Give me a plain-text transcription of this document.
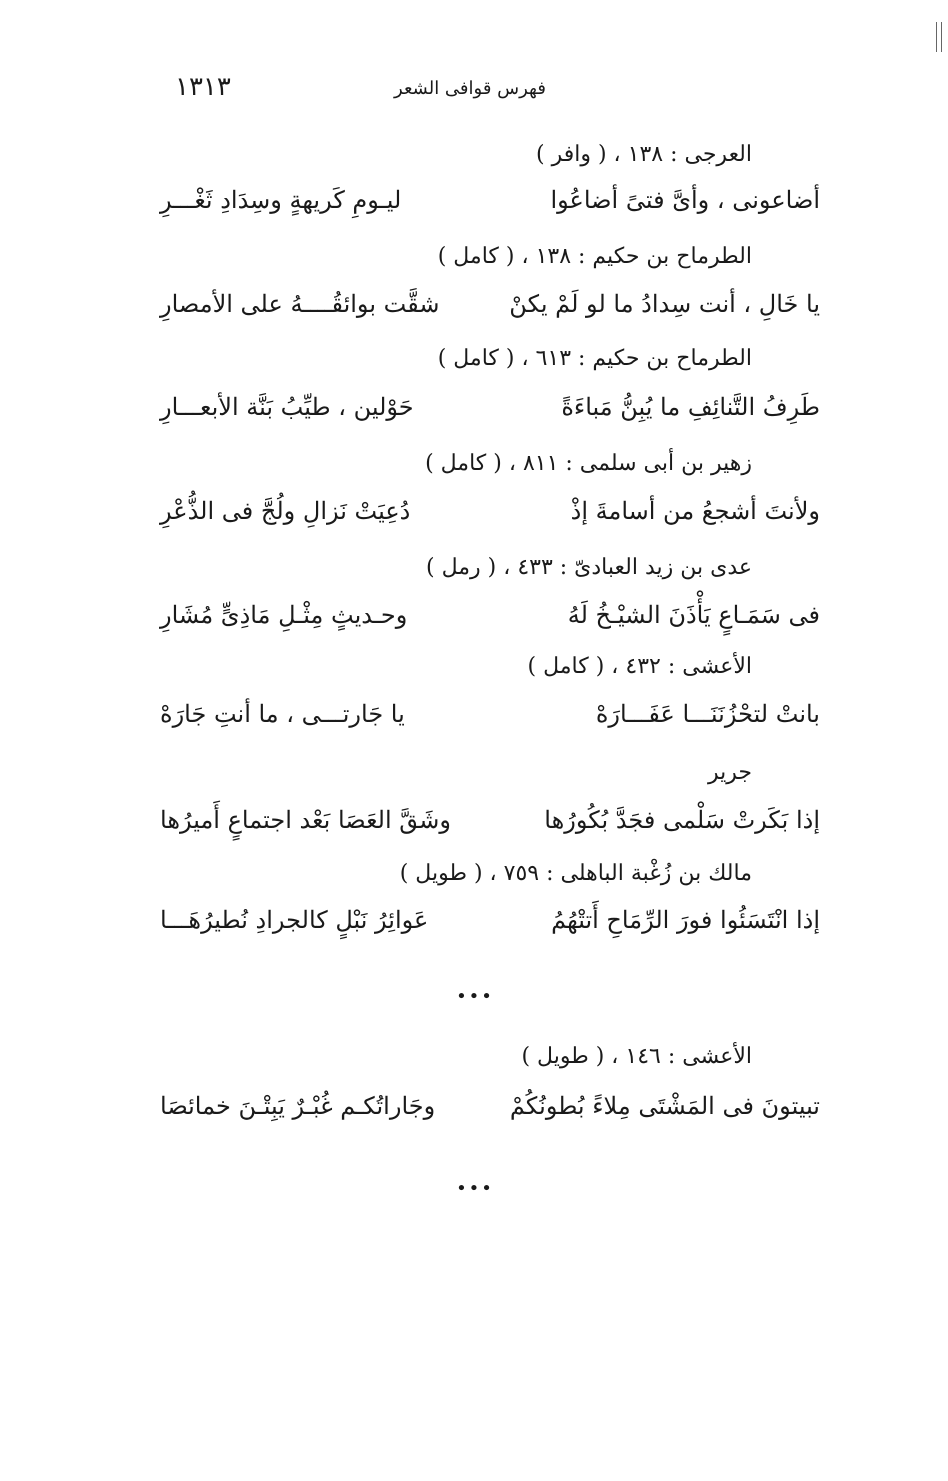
١٣١٣	فهرس قوافى الشعر
العرجى : ١٣٨ ، ( وافر )
أضاعونى ، وأىَّ فتىً أضاعُوا
ليـومِ كَريهةٍ وسِدَادِ ثَغْـــرِ
الطرماح بن حكيم : ١٣٨ ، ( كامل )
يا خَالِ ، أنت سِدادُ ما لو لَمْ يكنْ
شقَّت بوائقُــــهُ على الأمصارِ
الطرماح بن حكيم : ٦١٣ ، ( كامل )
طَرِفُ التَّنائِفِ ما يُبِنُّ مَباءَةً
حَوْلين ، طيِّبُ بَنَّة الأبعـــارِ
زهير بن أبى سلمى : ٨١١ ، ( كامل )
ولأنتَ أشجعُ من أسامةَ إذْ
دُعِيَتْ نَزالِ ولُجَّ فى الذُّعْرِ
عدى بن زيد العبادىّ : ٤٣٣ ، ( رمل )
فى سَمَـاعٍ يَأْذَنَ الشيْـخُ لَهُ
وحـديثٍ مِثْـلِ مَاذِىٍّ مُشَارِ
الأعشى : ٤٣٢ ، ( كامل )
بانتْ لتحْزُنَنَـــا عَفَـــارَهْ
يا جَارتـــى ، ما أنتِ جَارَهْ
جرير
إذا بَكَرتْ سَلْمى فجَدَّ بُكُورُها
وشَقَّ العَصَا بَعْد اجتماعٍ أَميرُها
مالك بن زُغْبة الباهلى : ٧٥٩ ، ( طويل )
إذا انْتَسَئُوا فورَ الرِّمَاحِ أَتتْهُمُ
عَوائِرُ نَبْلٍ كالجرادِ نُطيرُهَـــا
•••
الأعشى : ١٤٦ ، ( طويل )
تبيتونَ فى المَشْتَى مِلاءً بُطونُكُمْ
وجَاراتُكـم غُبْـرٌ يَبِتْـنَ خمائصَا
•••
